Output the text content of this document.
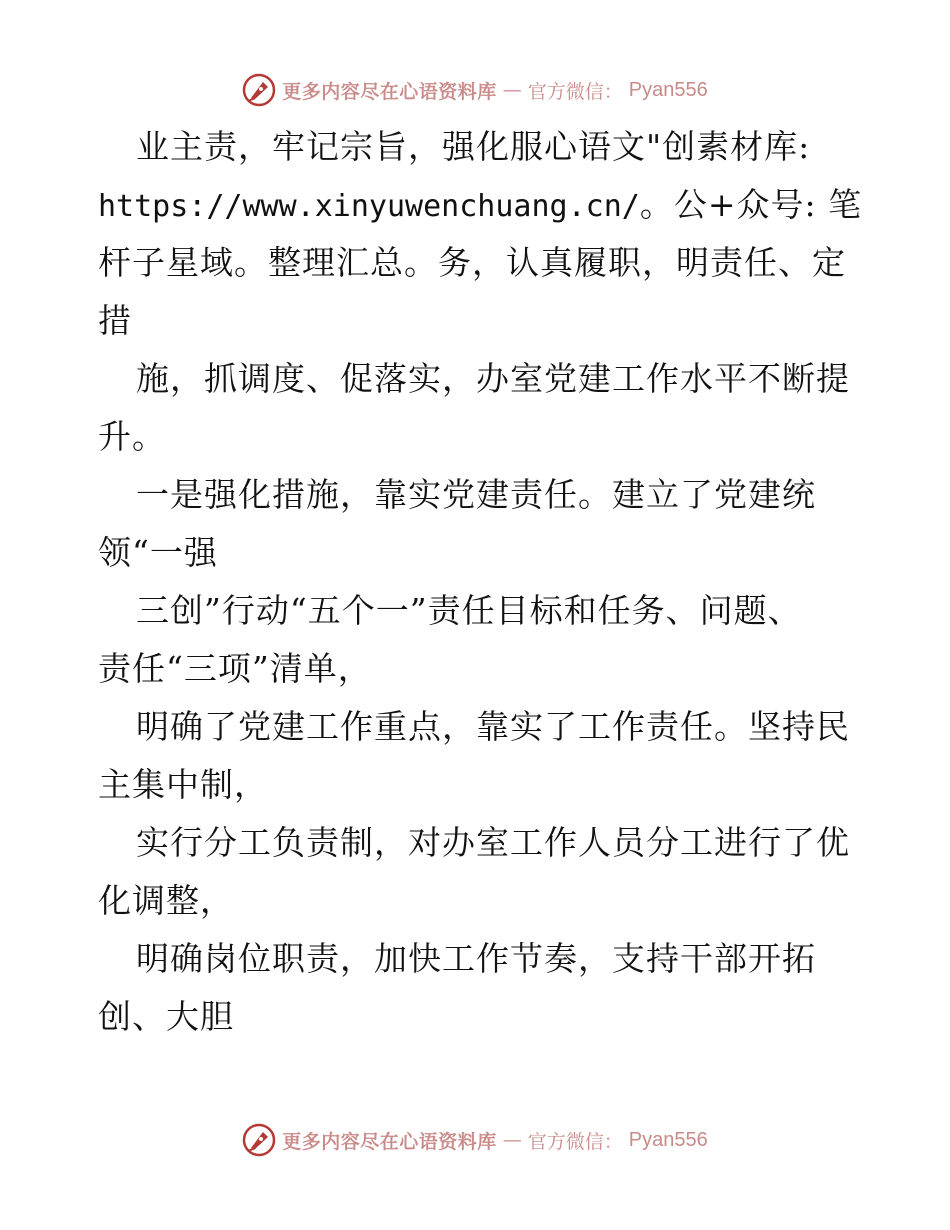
更多内容尽在心语资料库 — 官方微信： Pyan556
业主责，牢记宗旨，强化服心语文"创素材库:
https://www.xinyuwenchuang.cn/。公+众号: 笔
杆子星域。整理汇总。务，认真履职，明责任、定
措
施，抓调度、促落实，办室党建工作水平不断提
升。
一是强化措施，靠实党建责任。建立了党建统
领“一强
三创”行动“五个一”责任目标和任务、问题、
责任“三项”清单，
明确了党建工作重点，靠实了工作责任。坚持民
主集中制，
实行分工负责制，对办室工作人员分工进行了优
化调整，
明确岗位职责，加快工作节奏，支持干部开拓
创、大胆
更多内容尽在心语资料库 — 官方微信： Pyan556
